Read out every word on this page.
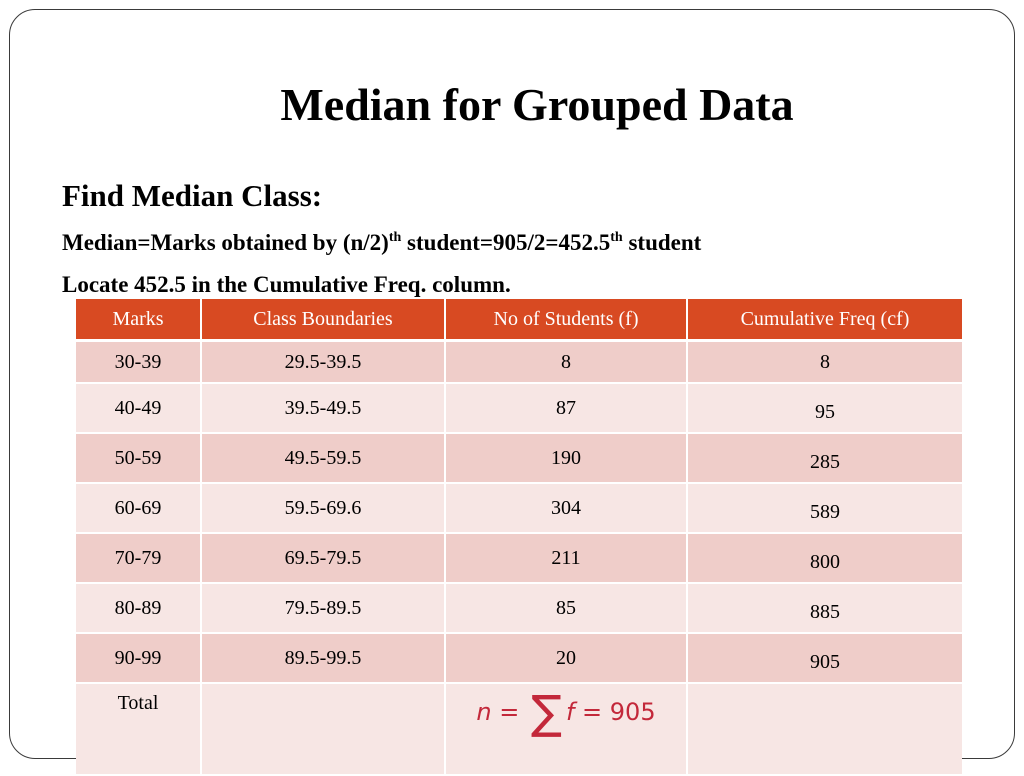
Median for Grouped Data
Find Median Class:
Median=Marks obtained by $(n/2)^{th}$ student=905/2=452.5th student
Locate 452.5 in the Cumulative Freq. column.
Marks	Class Boundaries	No of Students (f)	Cumulative Freq (cf)
30-39	29.5-39.5	8	8
40-49	39.5-49.5	87	95
50-59	49.5-59.5	190	285
60-69	59.5-69.6	304	589
70-79	69.5-79.5	211	800
80-89	79.5-89.5	85	885
90-99	89.5-99.5	20	905
Total		n = ∑ f = 905	
